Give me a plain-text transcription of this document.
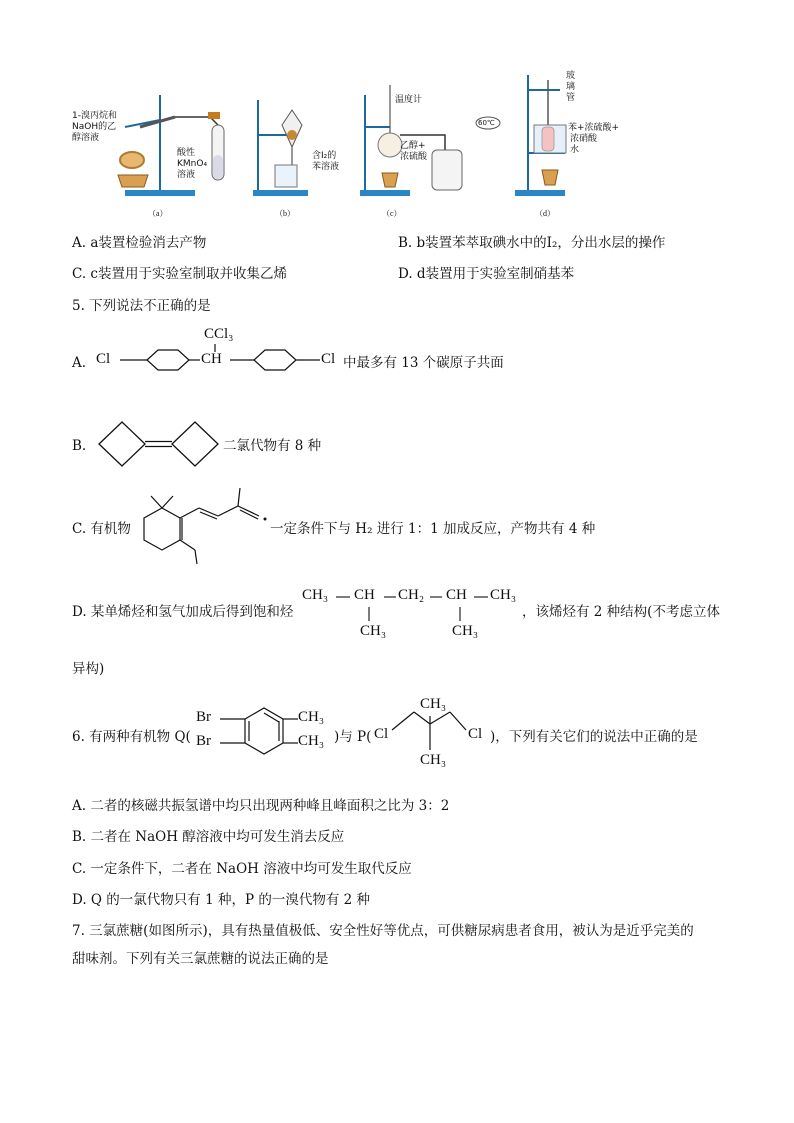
1-溴丙烷和
NaOH的乙
醇溶液
酸性
KMnO₄
溶液
（a）
含I₂的
苯溶液
（b）
温度计
乙醇+
浓硫酸
（c）
玻
璃
管
苯+浓硫酸+
浓硝酸
水
60℃
（d）
A. a装置检验消去产物	B. b装置苯萃取碘水中的I₂，分出水层的操作
C. c装置用于实验室制取并收集乙烯	D. d装置用于实验室制硝基苯
5. 下列说法不正确的是
A.
CCl₃
Cl	CH	Cl 中最多有 13 个碳原子共面
B.	二氯代物有 8 种
C. 有机物	一定条件下与 H₂ 进行 1：1 加成反应，产物共有 4 种
D. 某单烯烃和氢气加成后得到饱和烃
CH₃ CH CH₂ CH CH₃
CH₃	CH₃
，该烯烃有 2 种结构(不考虑立体
异构)
6. 有两种有机物 Q(
Br
Br
CH₃
CH₃ )与 P(
CH₃
Cl	Cl
CH₃
)，下列有关它们的说法中正确的是
A. 二者的核磁共振氢谱中均只出现两种峰且峰面积之比为 3：2
B. 二者在 NaOH 醇溶液中均可发生消去反应
C. 一定条件下，二者在 NaOH 溶液中均可发生取代反应
D. Q 的一氯代物只有 1 种，P 的一溴代物有 2 种
7. 三氯蔗糖(如图所示)，具有热量值极低、安全性好等优点，可供糖尿病患者食用，被认为是近乎完美的
甜味剂。下列有关三氯蔗糖的说法正确的是
